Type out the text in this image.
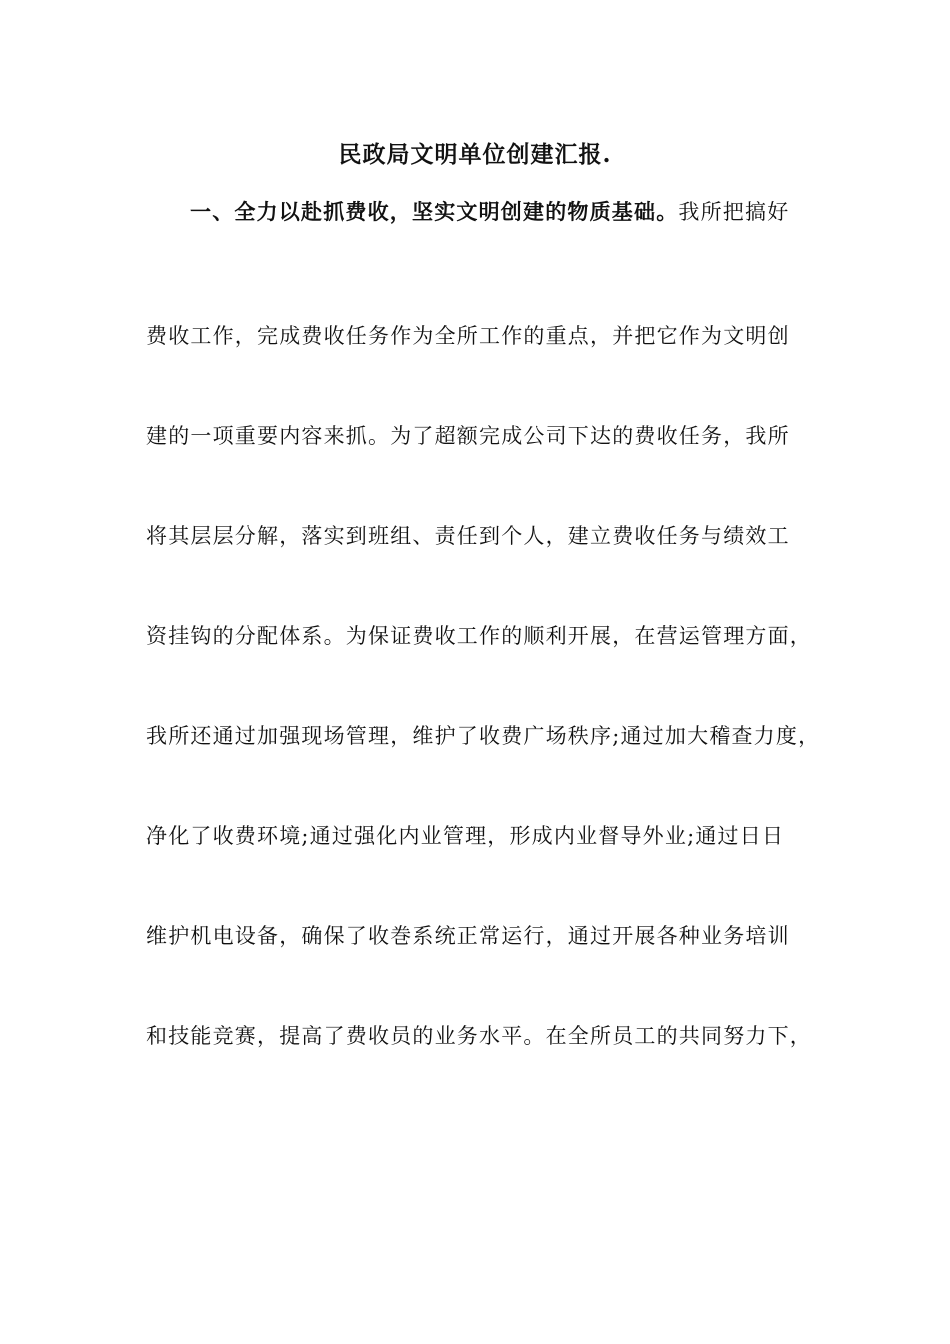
民政局文明单位创建汇报.
一、全力以赴抓费收，坚实文明创建的物质基础。我所把搞好
费收工作，完成费收任务作为全所工作的重点，并把它作为文明创
建的一项重要内容来抓。为了超额完成公司下达的费收任务，我所
将其层层分解，落实到班组、责任到个人，建立费收任务与绩效工
资挂钩的分配体系。为保证费收工作的顺利开展，在营运管理方面，
我所还通过加强现场管理，维护了收费广场秩序;通过加大稽查力度，
净化了收费环境;通过强化内业管理，形成内业督导外业;通过日日
维护机电设备，确保了收巻系统正常运行，通过开展各种业务培训
和技能竞赛，提高了费收员的业务水平。在全所员工的共同努力下，
